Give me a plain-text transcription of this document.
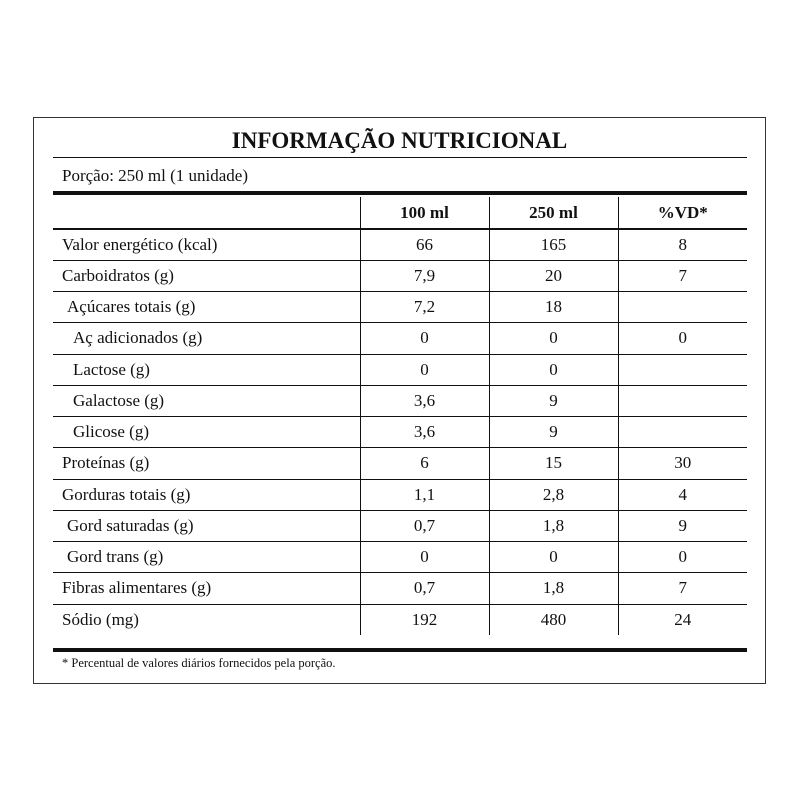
INFORMAÇÃO NUTRICIONAL
Porção: 250 ml (1 unidade)
	100 ml	250 ml	%VD*
Valor energético (kcal)	66	165	8
Carboidratos (g)	7,9	20	7
Açúcares totais (g)	7,2	18	
Aç adicionados (g)	0	0	0
Lactose (g)	0	0	
Galactose (g)	3,6	9	
Glicose (g)	3,6	9	
Proteínas (g)	6	15	30
Gorduras totais (g)	1,1	2,8	4
Gord saturadas (g)	0,7	1,8	9
Gord trans (g)	0	0	0
Fibras alimentares (g)	0,7	1,8	7
Sódio (mg)	192	480	24
* Percentual de valores diários fornecidos pela porção.
